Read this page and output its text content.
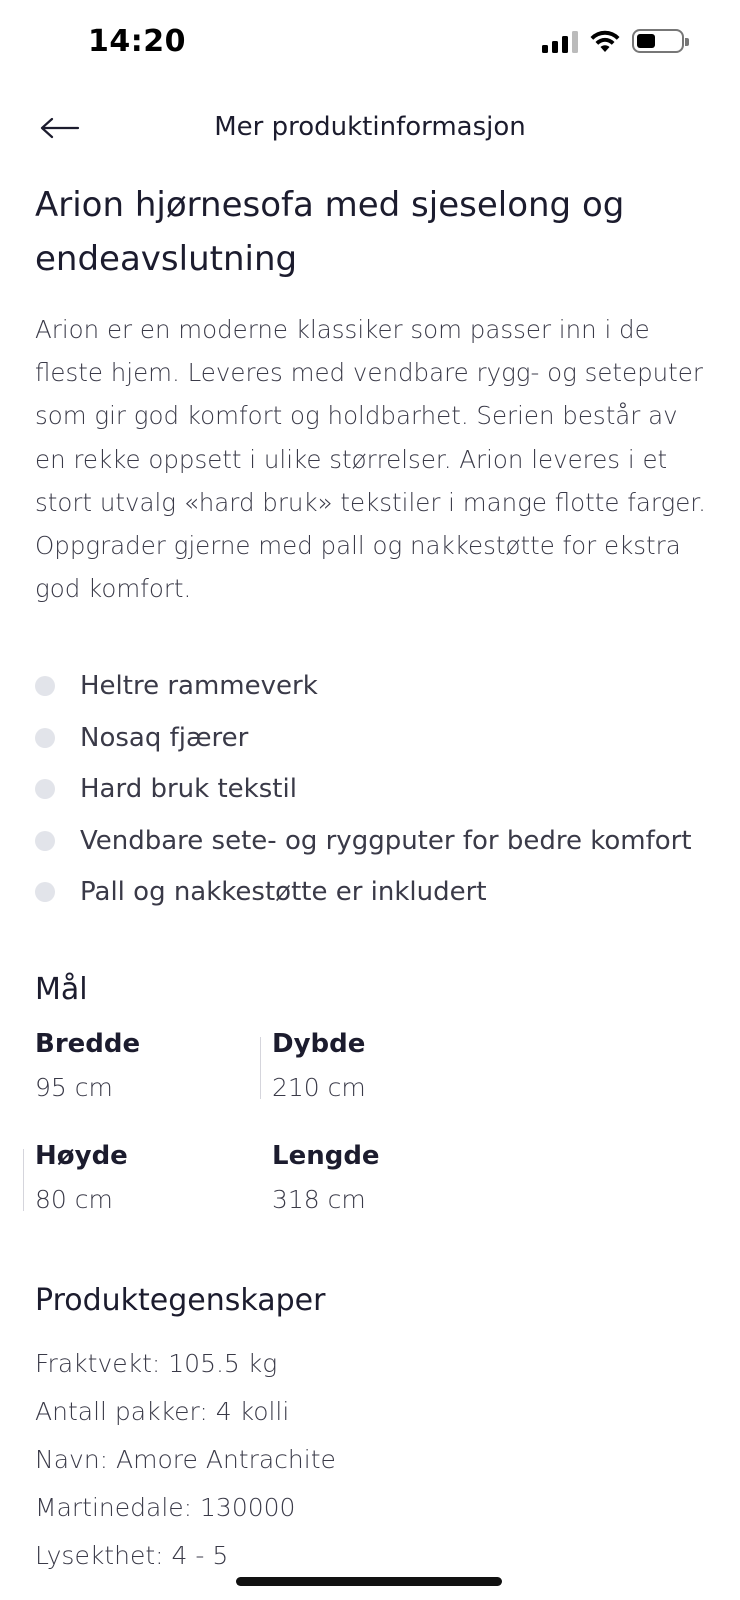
14:20
Mer produktinformasjon
Arion hjørnesofa med sjeselong og endeavslutning

Arion er en moderne klassiker som passer inn i de fleste hjem. Leveres med vendbare rygg- og seteputer som gir god komfort og holdbarhet. Serien består av en rekke oppsett i ulike størrelser. Arion leveres i et stort utvalg «hard bruk» tekstiler i mange flotte farger. Oppgrader gjerne med pall og nakkestøtte for ekstra god komfort.

Heltre rammeverk
Nosaq fjærer
Hard bruk tekstil
Vendbare sete- og ryggputer for bedre komfort
Pall og nakkestøtte er inkludert
Mål
Bredde
95 cm
Dybde
210 cm
Høyde
80 cm
Lengde
318 cm
Produktegenskaper
Fraktvekt: 105.5 kg
Antall pakker: 4 kolli
Navn: Amore Antrachite
Martinedale: 130000
Lysekthet: 4 - 5
